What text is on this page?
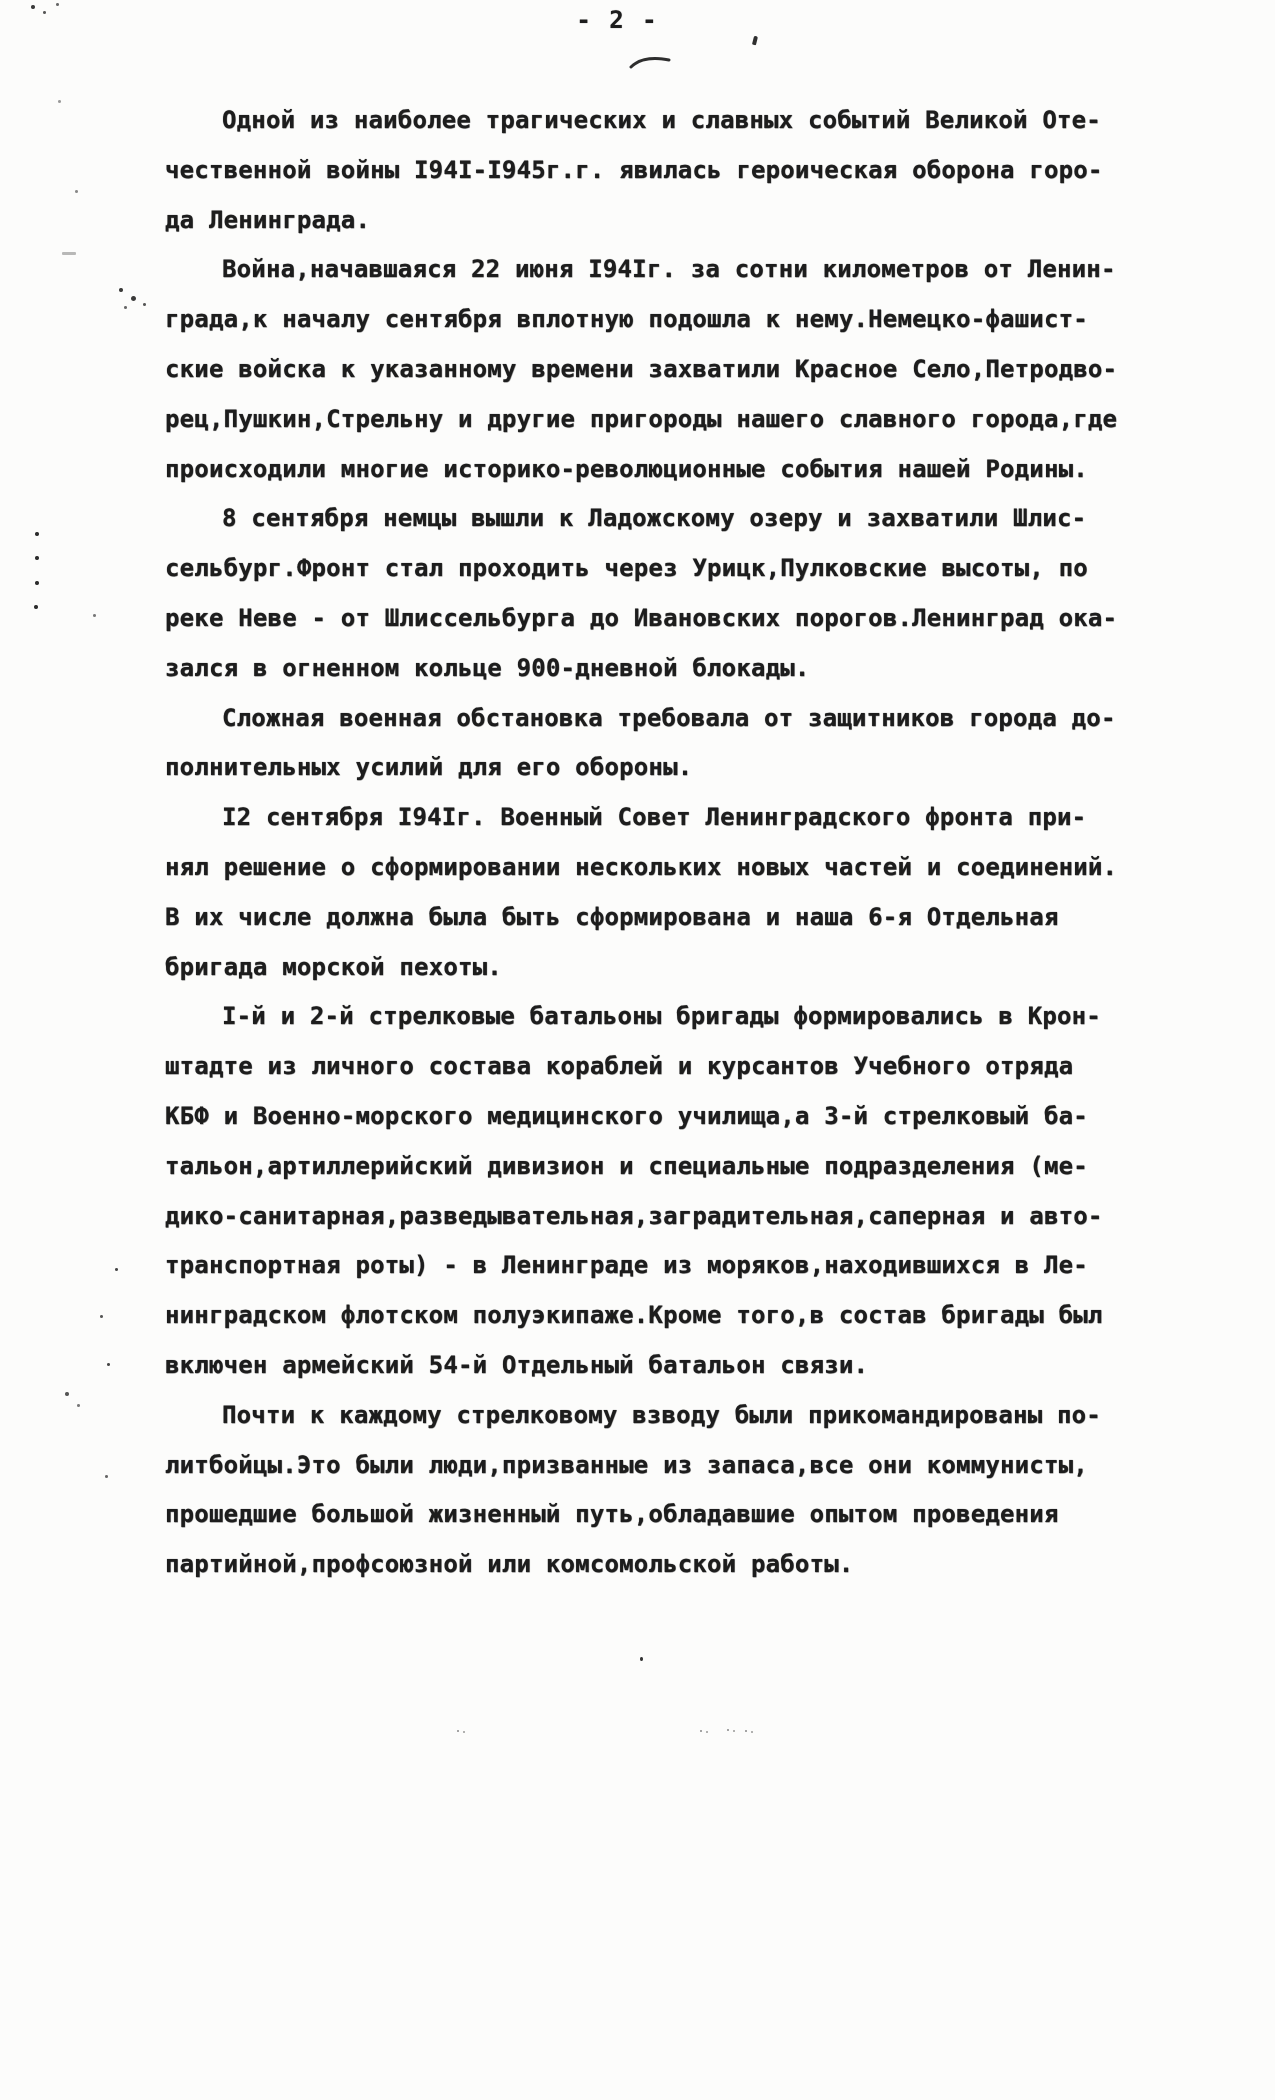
- 2 -
Одной из наиболее трагических и славных событий Великой Оте-
чественной войны I94I-I945г.г. явилась героическая оборона горо-
да Ленинграда.
Война,начавшаяся 22 июня I94Iг. за сотни километров от Ленин-
града,к началу сентября вплотную подошла к нему.Немецко-фашист-
ские войска к указанному времени захватили Красное Село,Петродво-
рец,Пушкин,Стрельну и другие пригороды нашего славного города,где
происходили многие историко-революционные события нашей Родины.
8 сентября немцы вышли к Ладожскому озеру и захватили Шлис-
сельбург.Фронт стал проходить через Урицк,Пулковские высоты, по
реке Неве - от Шлиссельбурга до Ивановских порогов.Ленинград ока-
зался в огненном кольце 900-дневной блокады.
Сложная военная обстановка требовала от защитников города до-
полнительных усилий для его обороны.
I2 сентября I94Iг. Военный Совет Ленинградского фронта при-
нял решение о сформировании нескольких новых частей и соединений.
В их числе должна была быть сформирована и наша 6-я Отдельная
бригада морской пехоты.
I-й и 2-й стрелковые батальоны бригады формировались в Крон-
штадте из личного состава кораблей и курсантов Учебного отряда
КБФ и Военно-морского медицинского училища,а 3-й стрелковый ба-
тальон,артиллерийский дивизион и специальные подразделения (ме-
дико-санитарная,разведывательная,заградительная,саперная и авто-
транспортная роты) - в Ленинграде из моряков,находившихся в Ле-
нинградском флотском полуэкипаже.Кроме того,в состав бригады был
включен армейский 54-й Отдельный батальон связи.
Почти к каждому стрелковому взводу были прикомандированы по-
литбойцы.Это были люди,призванные из запаса,все они коммунисты,
прошедшие большой жизненный путь,обладавшие опытом проведения
партийной,профсоюзной или комсомольской работы.
